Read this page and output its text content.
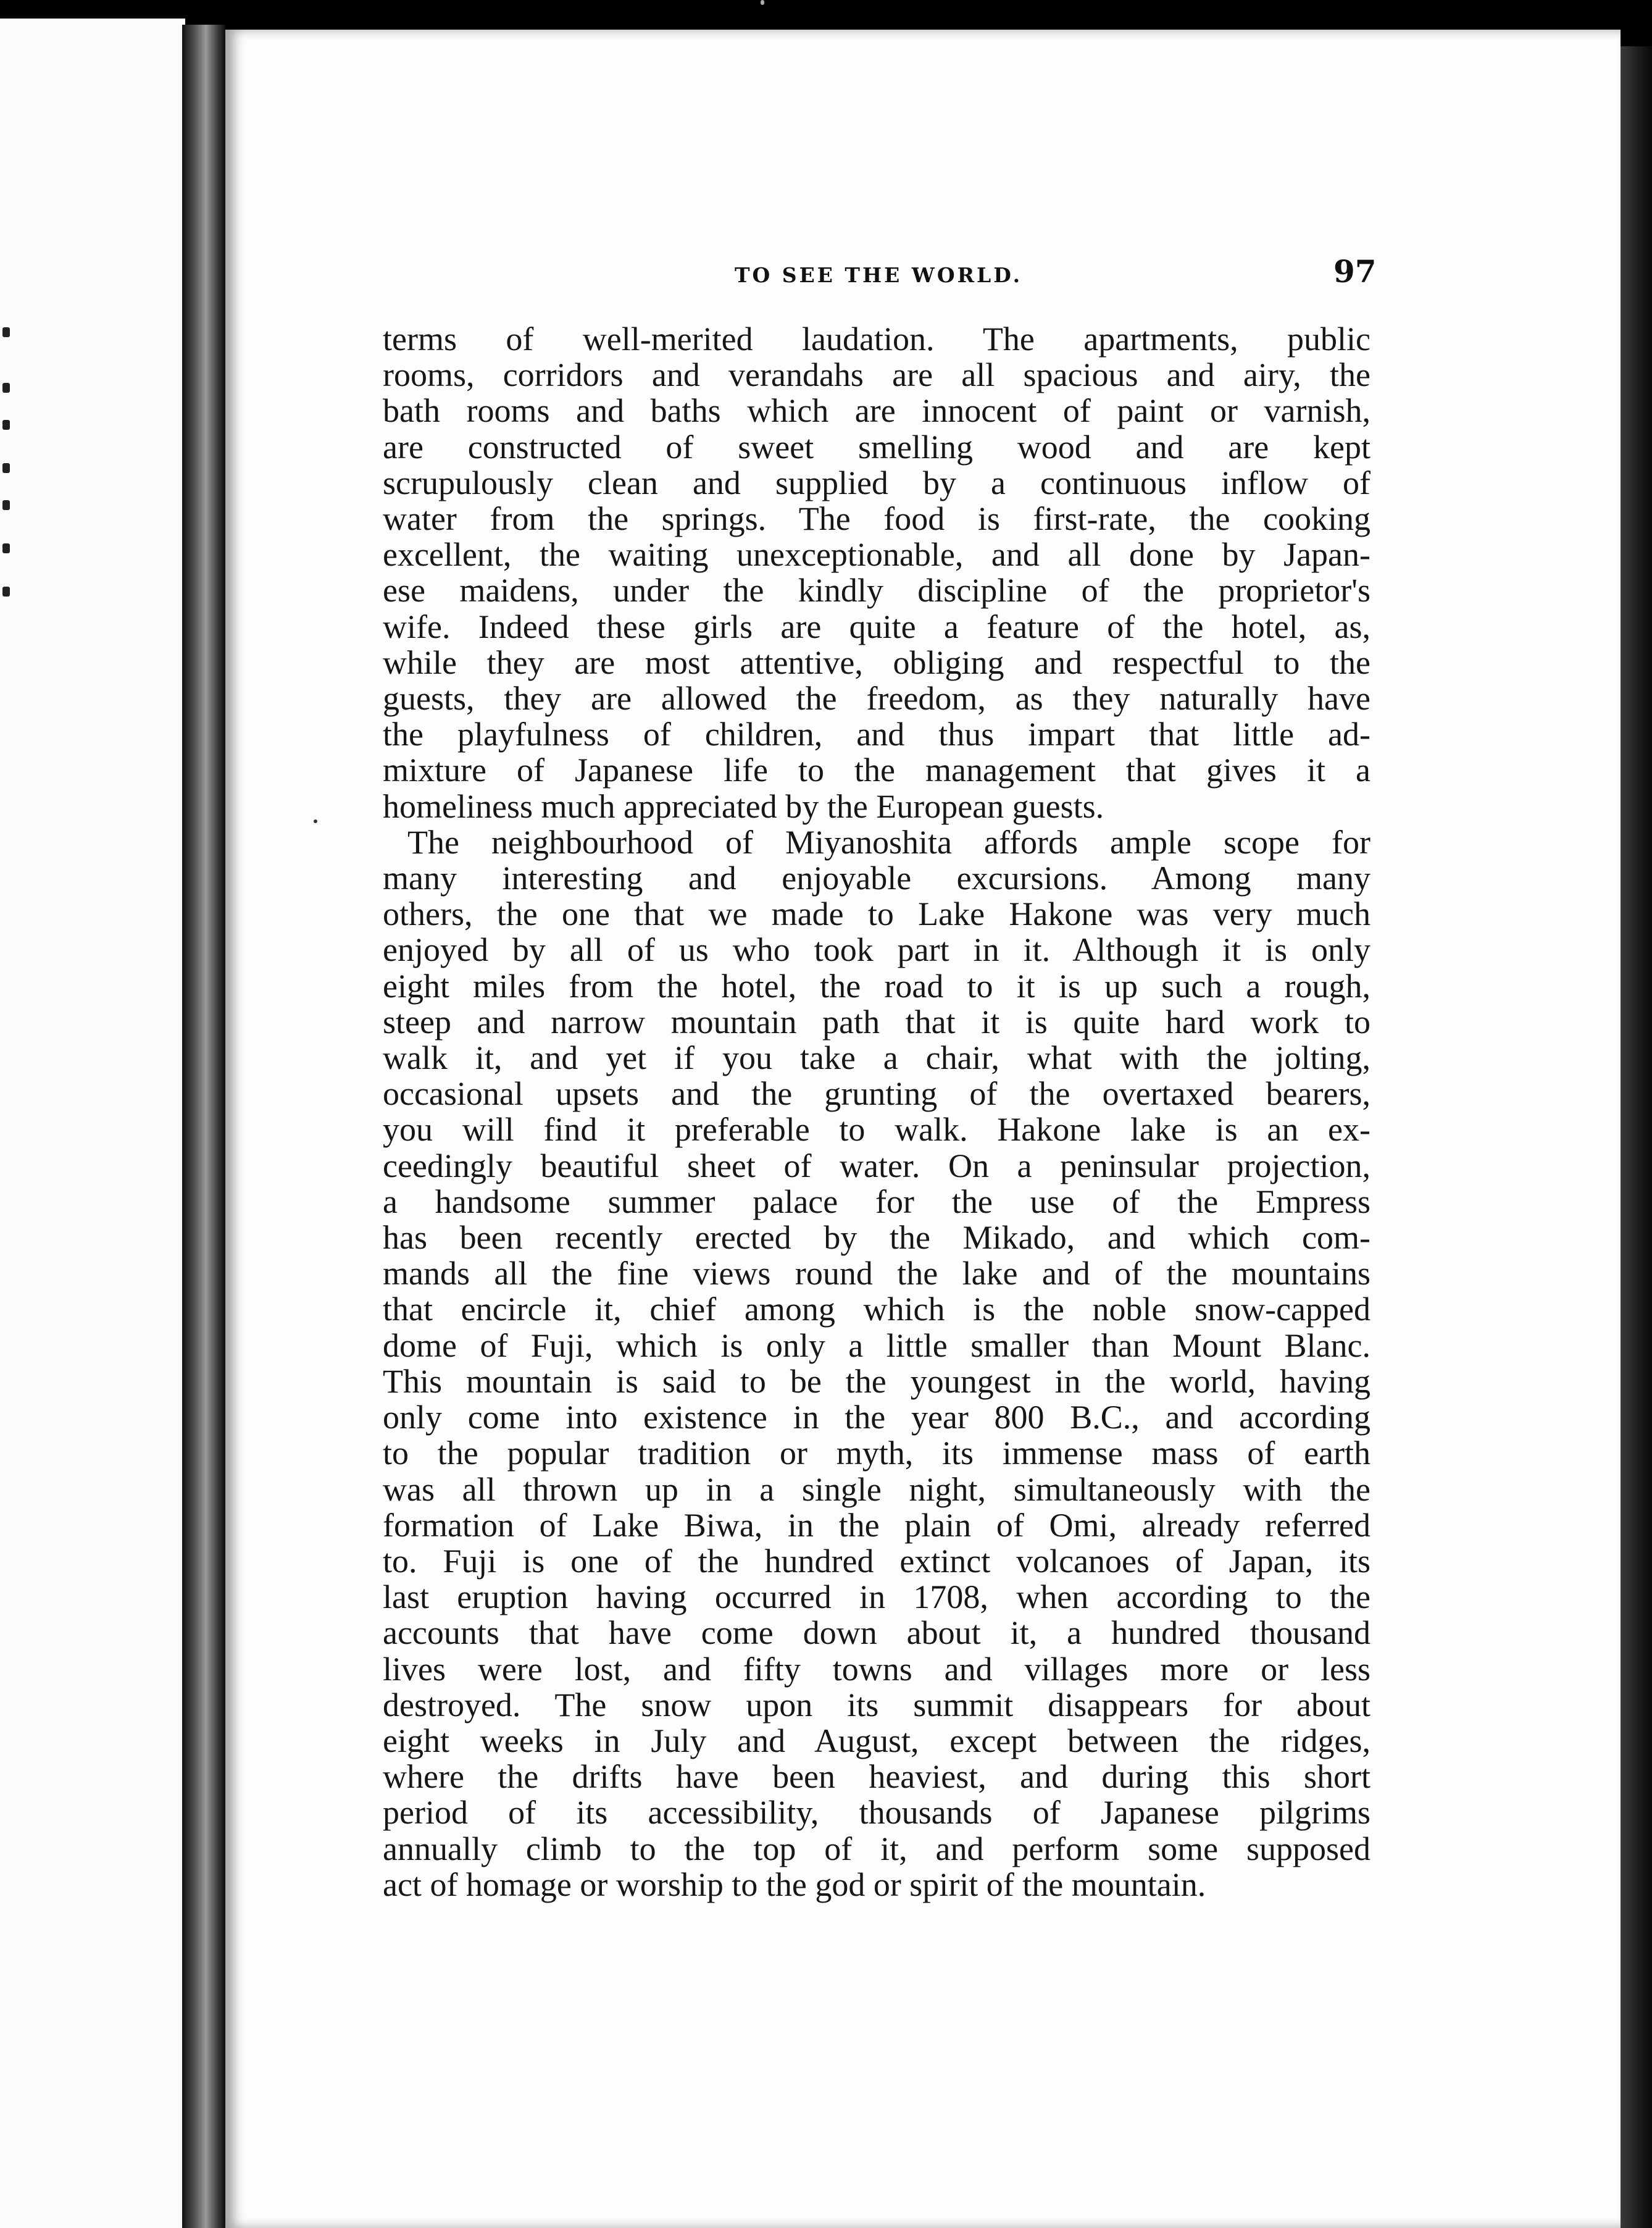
TO SEE THE WORLD.	97
terms of well-merited laudation. The apartments, public
rooms, corridors and verandahs are all spacious and airy, the
bath rooms and baths which are innocent of paint or varnish,
are constructed of sweet smelling wood and are kept
scrupulously clean and supplied by a continuous inflow of
water from the springs. The food is first-rate, the cooking
excellent, the waiting unexceptionable, and all done by Japan-
ese maidens, under the kindly discipline of the proprietor's
wife. Indeed these girls are quite a feature of the hotel, as,
while they are most attentive, obliging and respectful to the
guests, they are allowed the freedom, as they naturally have
the playfulness of children, and thus impart that little ad-
mixture of Japanese life to the management that gives it a
homeliness much appreciated by the European guests.
The neighbourhood of Miyanoshita affords ample scope for
many interesting and enjoyable excursions. Among many
others, the one that we made to Lake Hakone was very much
enjoyed by all of us who took part in it. Although it is only
eight miles from the hotel, the road to it is up such a rough,
steep and narrow mountain path that it is quite hard work to
walk it, and yet if you take a chair, what with the jolting,
occasional upsets and the grunting of the overtaxed bearers,
you will find it preferable to walk. Hakone lake is an ex-
ceedingly beautiful sheet of water. On a peninsular projection,
a handsome summer palace for the use of the Empress
has been recently erected by the Mikado, and which com-
mands all the fine views round the lake and of the mountains
that encircle it, chief among which is the noble snow-capped
dome of Fuji, which is only a little smaller than Mount Blanc.
This mountain is said to be the youngest in the world, having
only come into existence in the year 800 B.C., and according
to the popular tradition or myth, its immense mass of earth
was all thrown up in a single night, simultaneously with the
formation of Lake Biwa, in the plain of Omi, already referred
to. Fuji is one of the hundred extinct volcanoes of Japan, its
last eruption having occurred in 1708, when according to the
accounts that have come down about it, a hundred thousand
lives were lost, and fifty towns and villages more or less
destroyed. The snow upon its summit disappears for about
eight weeks in July and August, except between the ridges,
where the drifts have been heaviest, and during this short
period of its accessibility, thousands of Japanese pilgrims
annually climb to the top of it, and perform some supposed
act of homage or worship to the god or spirit of the mountain.
